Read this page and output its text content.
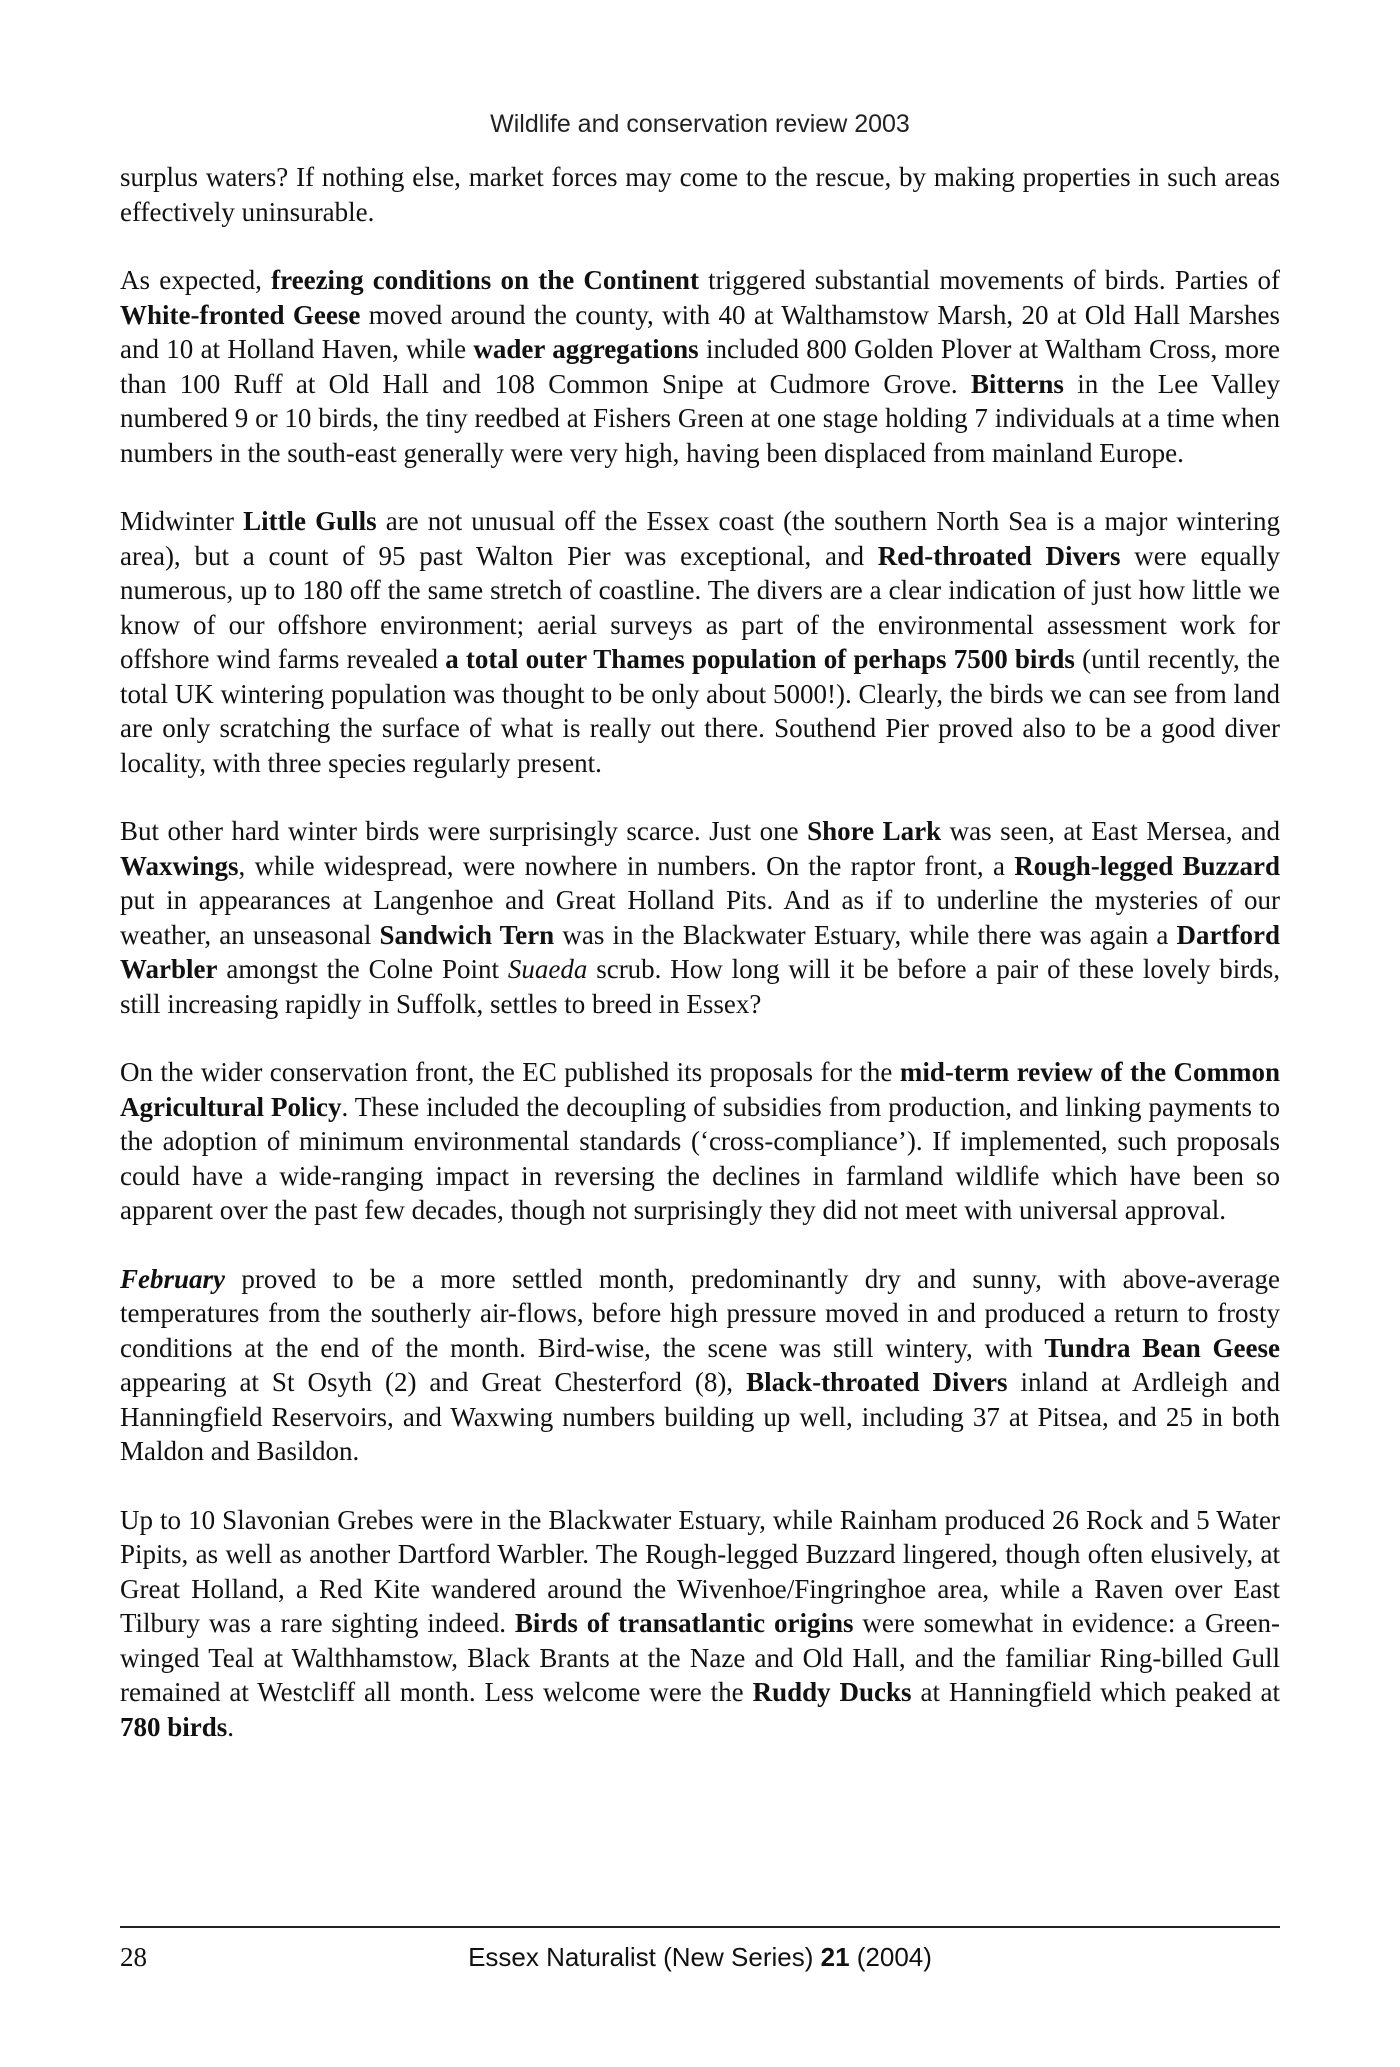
Wildlife and conservation review 2003

surplus waters? If nothing else, market forces may come to the rescue, by making properties in such areas effectively uninsurable.

As expected, freezing conditions on the Continent triggered substantial movements of birds. Parties of White-fronted Geese moved around the county, with 40 at Walthamstow Marsh, 20 at Old Hall Marshes and 10 at Holland Haven, while wader aggregations included 800 Golden Plover at Waltham Cross, more than 100 Ruff at Old Hall and 108 Common Snipe at Cudmore Grove. Bitterns in the Lee Valley numbered 9 or 10 birds, the tiny reedbed at Fishers Green at one stage holding 7 individuals at a time when numbers in the south-east generally were very high, having been displaced from mainland Europe.

Midwinter Little Gulls are not unusual off the Essex coast (the southern North Sea is a major wintering area), but a count of 95 past Walton Pier was exceptional, and Red-throated Divers were equally numerous, up to 180 off the same stretch of coastline. The divers are a clear indication of just how little we know of our offshore environment; aerial surveys as part of the environmental assessment work for offshore wind farms revealed a total outer Thames population of perhaps 7500 birds (until recently, the total UK wintering population was thought to be only about 5000!). Clearly, the birds we can see from land are only scratching the surface of what is really out there. Southend Pier proved also to be a good diver locality, with three species regularly present.

But other hard winter birds were surprisingly scarce. Just one Shore Lark was seen, at East Mersea, and Waxwings, while widespread, were nowhere in numbers. On the raptor front, a Rough-legged Buzzard put in appearances at Langenhoe and Great Holland Pits. And as if to underline the mysteries of our weather, an unseasonal Sandwich Tern was in the Blackwater Estuary, while there was again a Dartford Warbler amongst the Colne Point Suaeda scrub. How long will it be before a pair of these lovely birds, still increasing rapidly in Suffolk, settles to breed in Essex?

On the wider conservation front, the EC published its proposals for the mid-term review of the Common Agricultural Policy. These included the decoupling of subsidies from production, and linking payments to the adoption of minimum environmental standards (‘cross-compliance’). If implemented, such proposals could have a wide-ranging impact in reversing the declines in farmland wildlife which have been so apparent over the past few decades, though not surprisingly they did not meet with universal approval.

February proved to be a more settled month, predominantly dry and sunny, with above-average temperatures from the southerly air-flows, before high pressure moved in and produced a return to frosty conditions at the end of the month. Bird-wise, the scene was still wintery, with Tundra Bean Geese appearing at St Osyth (2) and Great Chesterford (8), Black-throated Divers inland at Ardleigh and Hanningfield Reservoirs, and Waxwing numbers building up well, including 37 at Pitsea, and 25 in both Maldon and Basildon.

Up to 10 Slavonian Grebes were in the Blackwater Estuary, while Rainham produced 26 Rock and 5 Water Pipits, as well as another Dartford Warbler. The Rough-legged Buzzard lingered, though often elusively, at Great Holland, a Red Kite wandered around the Wivenhoe/Fingringhoe area, while a Raven over East Tilbury was a rare sighting indeed. Birds of transatlantic origins were somewhat in evidence: a Green-winged Teal at Walthhamstow, Black Brants at the Naze and Old Hall, and the familiar Ring-billed Gull remained at Westcliff all month. Less welcome were the Ruddy Ducks at Hanningfield which peaked at 780 birds.

28	Essex Naturalist (New Series) 21 (2004)
